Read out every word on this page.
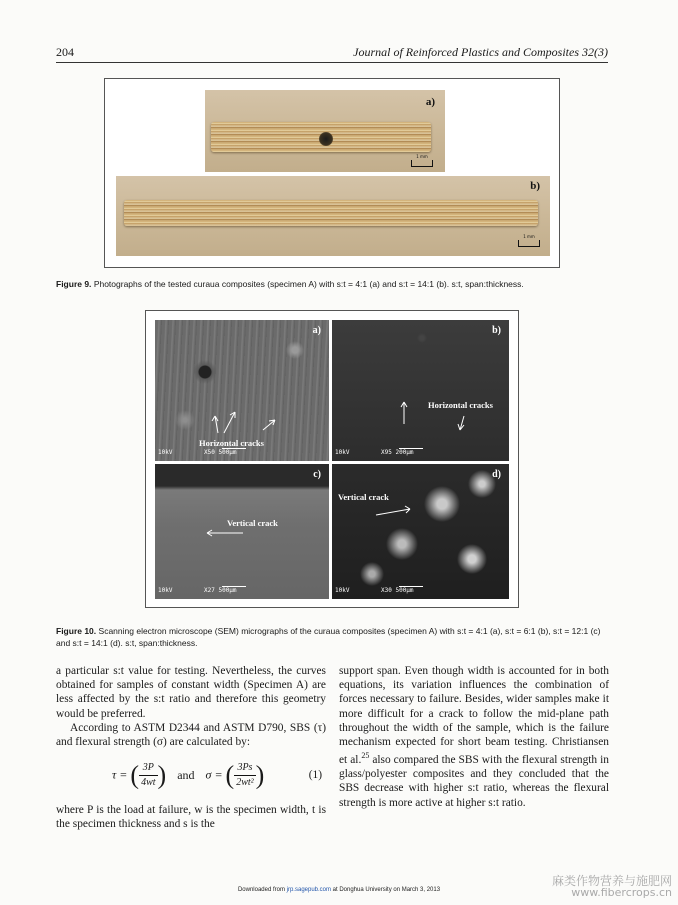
204	Journal of Reinforced Plastics and Composites 32(3)
a)
1 mm
b)
1 mm
Figure 9. Photographs of the tested curaua composites (specimen A) with s:t = 4:1 (a) and s:t = 14:1 (b). s:t, span:thickness.
a)
Horizontal cracks
10kV	X50 500μm
b)
Horizontal cracks
10kV	X95 200μm
c)
Vertical crack
10kV	X27 500μm
d)
Vertical crack
10kV	X30 500μm
Figure 10. Scanning electron microscope (SEM) micrographs of the curaua composites (specimen A) with s:t = 4:1 (a), s:t = 6:1 (b), s:t = 12:1 (c) and s:t = 14:1 (d). s:t, span:thickness.

a particular s:t value for testing. Nevertheless, the curves obtained for samples of constant width (Specimen A) are less affected by the s:t ratio and therefore this geometry would be preferred.

According to ASTM D2344 and ASTM D790, SBS (τ) and flexural strength (σ) are calculated by:

τ = ( $\frac{3P}{4wt}$ ) and σ = ( $\frac{3Ps}{\text{2wt²}}$ )	(1)

where P is the load at failure, w is the specimen width, t is the specimen thickness and s is the

support span. Even though width is accounted for in both equations, its variation influences the combination of forces necessary to failure. Besides, wider samples make it more difficult for a crack to follow the mid-plane path throughout the width of the sample, which is the failure mechanism expected for short beam testing. Christiansen et al.$^{25}$ also compared the SBS with the flexural strength in glass/polyester composites and they concluded that the SBS decrease with higher s:t ratio, whereas the flexural strength is more active at higher s:t ratio.

Downloaded from jrp.sagepub.com at Donghua University on March 3, 2013
麻类作物营养与施肥网
www.fibercrops.cn
